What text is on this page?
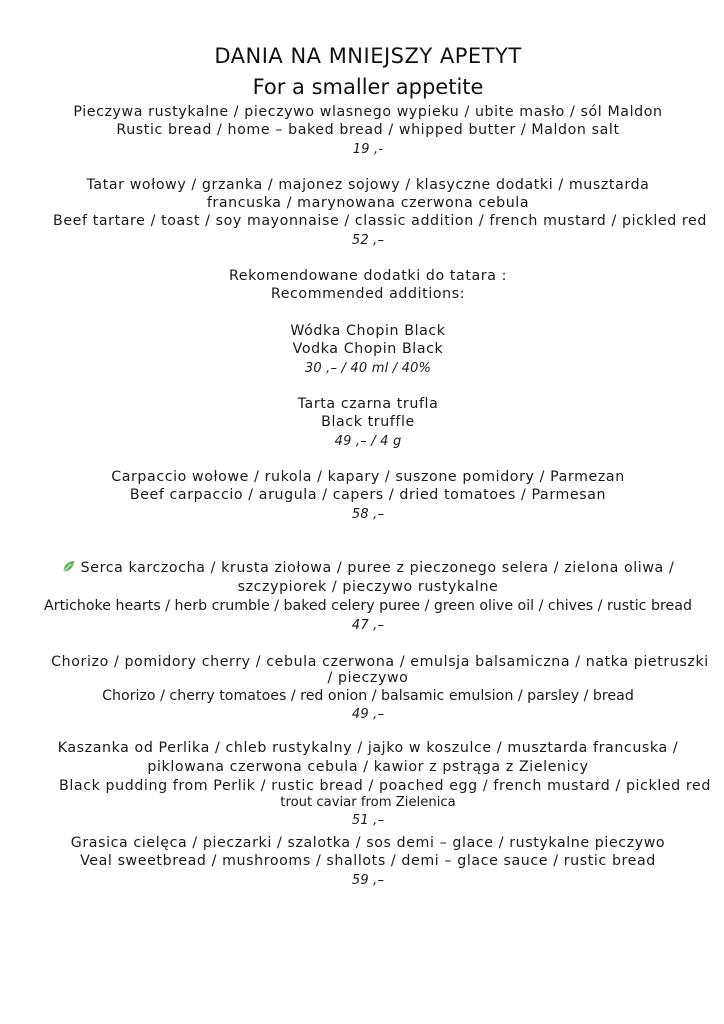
DANIA NA MNIEJSZY APETYT
For a smaller appetite
Pieczywa rustykalne / pieczywo wlasnego wypieku / ubite masło / sól Maldon
Rustic bread / home – baked bread / whipped butter / Maldon salt
19 ,-
Tatar wołowy / grzanka / majonez sojowy / klasyczne dodatki / musztarda
francuska / marynowana czerwona cebula
Beef tartare / toast / soy mayonnaise / classic addition / french mustard / pickled red
52 ,–
Rekomendowane dodatki do tatara :
Recommended additions:
Wódka Chopin Black
Vodka Chopin Black
30 ,– / 40 ml / 40%
Tarta czarna trufla
Black truffle
49 ,– / 4 g
Carpaccio wołowe / rukola / kapary / suszone pomidory / Parmezan
Beef carpaccio / arugula / capers / dried tomatoes / Parmesan
58 ,–
Serca karczocha / krusta ziołowa / puree z pieczonego selera / zielona oliwa /
szczypiorek / pieczywo rustykalne
Artichoke hearts / herb crumble / baked celery puree / green olive oil / chives / rustic bread
47 ,–
Chorizo / pomidory cherry / cebula czerwona / emulsja balsamiczna / natka pietruszki
/ pieczywo
Chorizo / cherry tomatoes / red onion / balsamic emulsion / parsley / bread
49 ,–
Kaszanka od Perlika / chleb rustykalny / jajko w koszulce / musztarda francuska /
piklowana czerwona cebula / kawior z pstrąga z Zielenicy
Black pudding from Perlik / rustic bread / poached egg / french mustard / pickled red
trout caviar from Zielenica
51 ,–
Grasica cielęca / pieczarki / szalotka / sos demi – glace / rustykalne pieczywo
Veal sweetbread / mushrooms / shallots / demi – glace sauce / rustic bread
59 ,–
